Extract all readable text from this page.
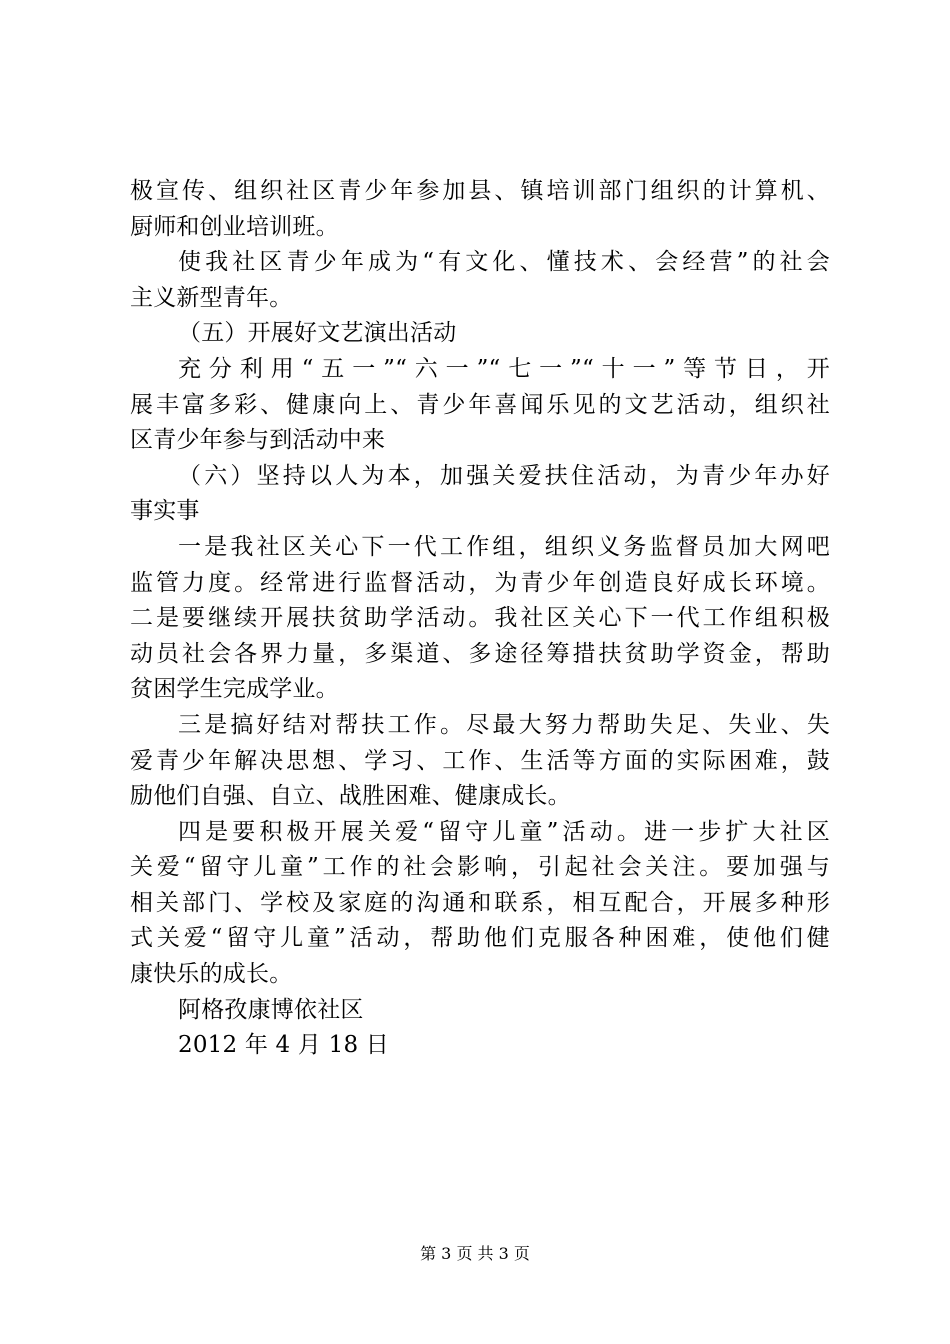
极宣传、组织社区青少年参加县、镇培训部门组织的计算机、
厨师和创业培训班。
使我社区青少年成为“有文化、懂技术、会经营”的社会
主义新型青年。
（五）开展好文艺演出活动
充分利用“五一”“六一”“七一”“十一”等节日，开
展丰富多彩、健康向上、青少年喜闻乐见的文艺活动，组织社
区青少年参与到活动中来
（六）坚持以人为本，加强关爱扶住活动，为青少年办好
事实事
一是我社区关心下一代工作组，组织义务监督员加大网吧
监管力度。经常进行监督活动，为青少年创造良好成长环境。
二是要继续开展扶贫助学活动。我社区关心下一代工作组积极
动员社会各界力量，多渠道、多途径筹措扶贫助学资金，帮助
贫困学生完成学业。
三是搞好结对帮扶工作。尽最大努力帮助失足、失业、失
爱青少年解决思想、学习、工作、生活等方面的实际困难，鼓
励他们自强、自立、战胜困难、健康成长。
四是要积极开展关爱“留守儿童”活动。进一步扩大社区
关爱“留守儿童”工作的社会影响，引起社会关注。要加强与
相关部门、学校及家庭的沟通和联系，相互配合，开展多种形
式关爱“留守儿童”活动，帮助他们克服各种困难，使他们健
康快乐的成长。
阿格孜康博依社区
2012 年 4 月 18 日
第 3 页 共 3 页
